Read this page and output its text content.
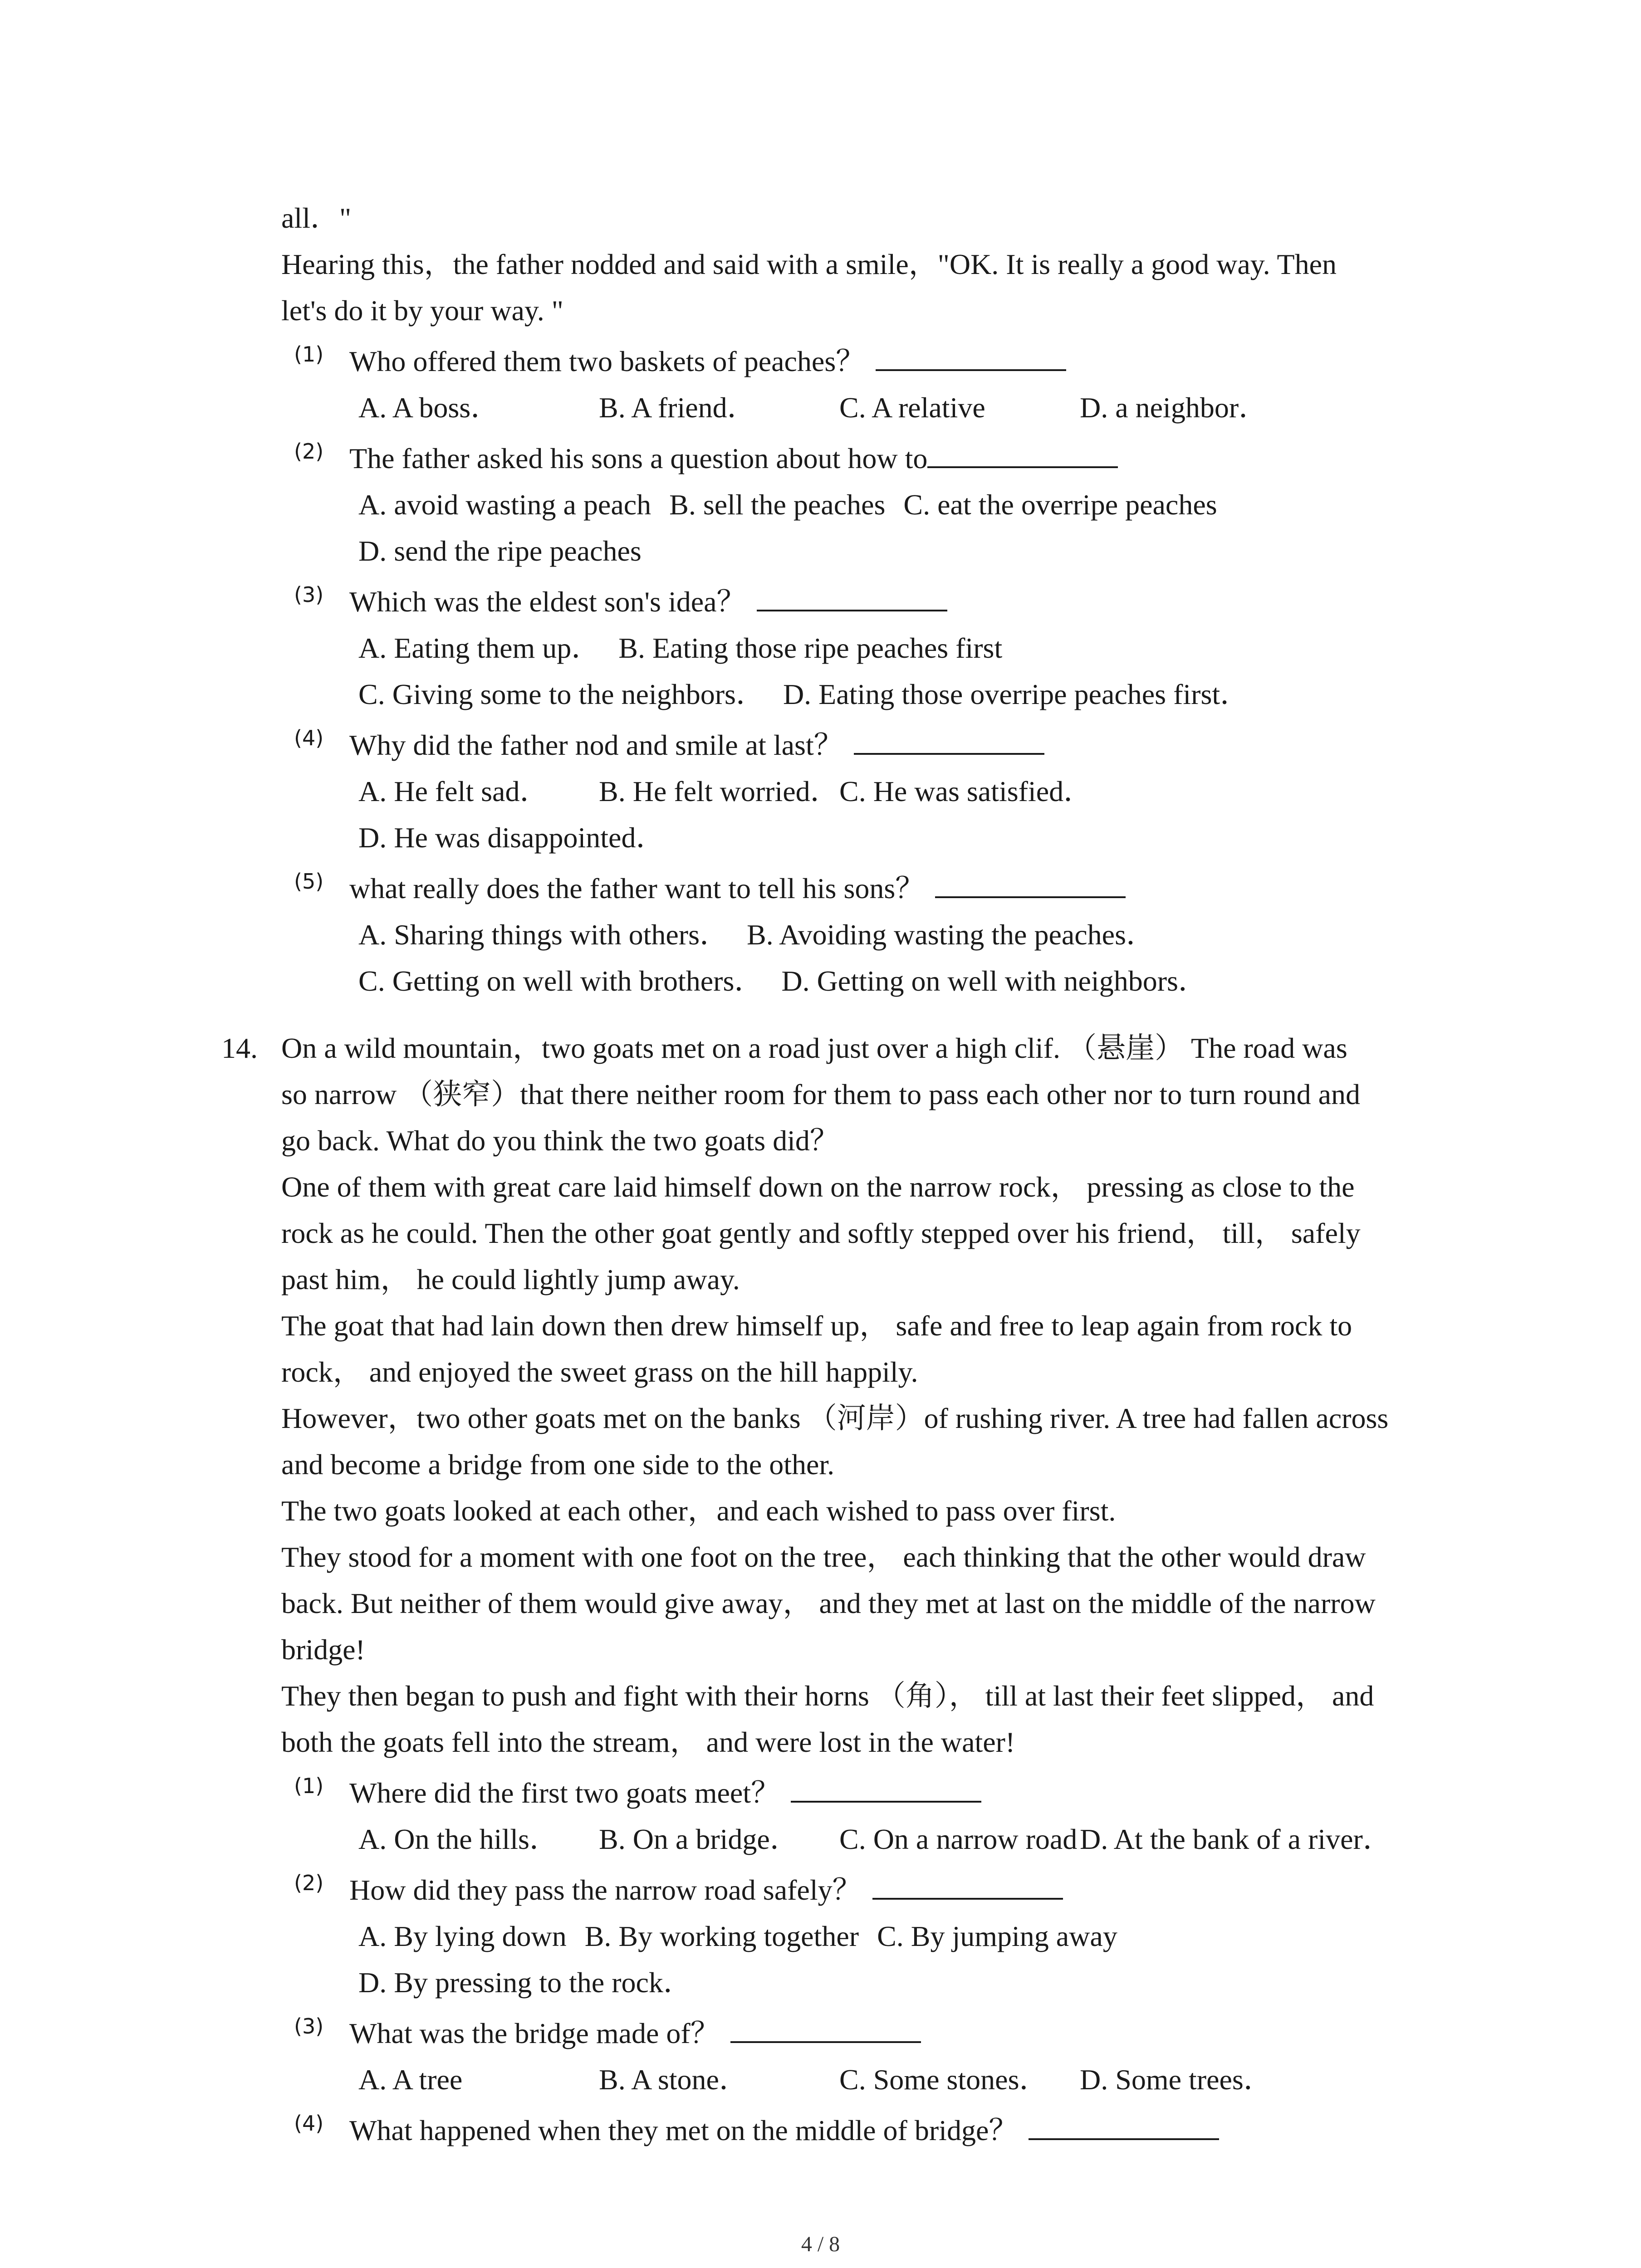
all．"
Hearing this，the father nodded and said with a smile，"OK. It is really a good way. Then
let's do it by your way. "
(1) Who offered them two baskets of peaches？
A. A boss．	B. A friend．	C. A relative	D. a neighbor．
(2) The father asked his sons a question about how to
A. avoid wasting a peach B. sell the peaches C. eat the overripe peaches
D. send the ripe peaches
(3) Which was the eldest son's idea？
A. Eating them up． B. Eating those ripe peaches first
C. Giving some to the neighbors． D. Eating those overripe peaches first．
(4) Why did the father nod and smile at last？
A. He felt sad． B. He felt worried．C. He was satisfied．
D. He was disappointed．
(5) what really does the father want to tell his sons？
A. Sharing things with others． B. Avoiding wasting the peaches．
C. Getting on well with brothers． D. Getting on well with neighbors．
14. On a wild mountain，two goats met on a road just over a high clif. （悬崖） The road was
so narrow （狭窄）that there neither room for them to pass each other nor to turn round and
go back. What do you think the two goats did？
One of them with great care laid himself down on the narrow rock， pressing as close to the
rock as he could. Then the other goat gently and softly stepped over his friend， till， safely
past him， he could lightly jump away.
The goat that had lain down then drew himself up， safe and free to leap again from rock to
rock， and enjoyed the sweet grass on the hill happily.
However，two other goats met on the banks （河岸）of rushing river. A tree had fallen across
and become a bridge from one side to the other.
The two goats looked at each other，and each wished to pass over first.
They stood for a moment with one foot on the tree， each thinking that the other would draw
back. But neither of them would give away， and they met at last on the middle of the narrow
bridge!
They then began to push and fight with their horns （角）， till at last their feet slipped， and
both the goats fell into the stream， and were lost in the water!
(1) Where did the first two goats meet？
A. On the hills． B. On a bridge． C. On a narrow roadD. At the bank of a river．
(2) How did they pass the narrow road safely？
A. By lying down B. By working together C. By jumping away
D. By pressing to the rock．
(3) What was the bridge made of？
A. A tree	B. A stone．	C. Some stones． D. Some trees．
(4) What happened when they met on the middle of bridge？
4 / 8
